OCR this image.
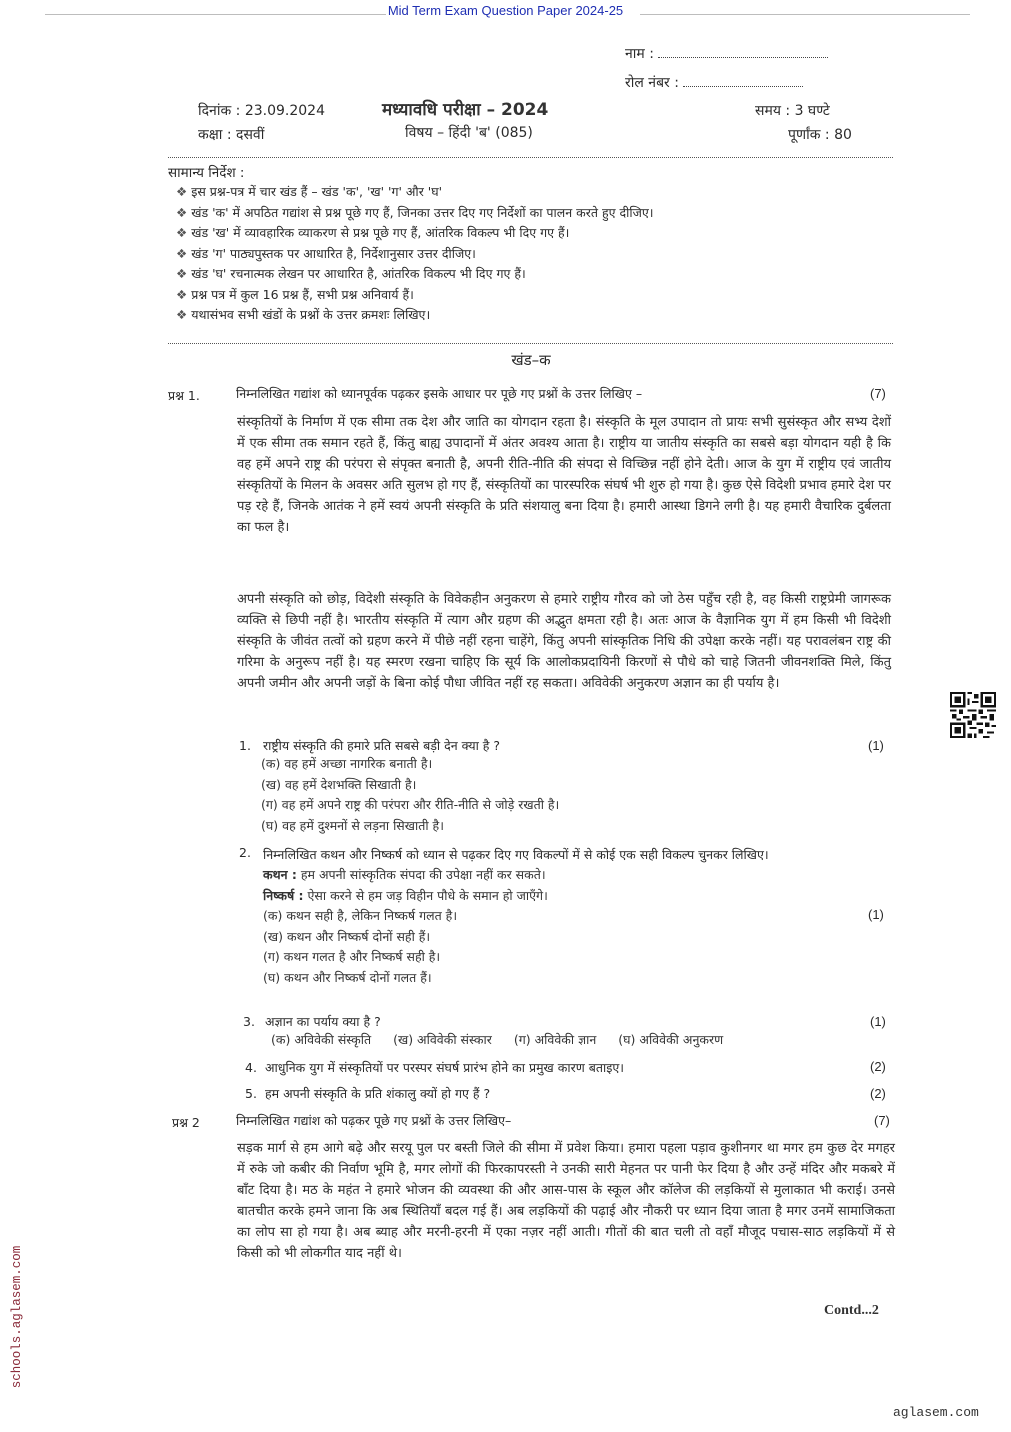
Mid Term Exam Question Paper 2024-25
नाम :
रोल नंबर :
दिनांक : 23.09.2024	मध्यावधि परीक्षा – 2024	समय : 3 घण्टे
कक्षा : दसवीं	विषय – हिंदी 'ब' (085)	पूर्णांक : 80
सामान्य निर्देश :
❖ इस प्रश्न-पत्र में चार खंड हैं – खंड 'क', 'ख' 'ग' और 'घ'
❖ खंड 'क' में अपठित गद्यांश से प्रश्न पूछे गए हैं, जिनका उत्तर दिए गए निर्देशों का पालन करते हुए दीजिए।
❖ खंड 'ख' में व्यावहारिक व्याकरण से प्रश्न पूछे गए हैं, आंतरिक विकल्प भी दिए गए हैं।
❖ खंड 'ग' पाठ्यपुस्तक पर आधारित है, निर्देशानुसार उत्तर दीजिए।
❖ खंड 'घ' रचनात्मक लेखन पर आधारित है, आंतरिक विकल्प भी दिए गए हैं।
❖ प्रश्न पत्र में कुल 16 प्रश्न हैं, सभी प्रश्न अनिवार्य हैं।
❖ यथासंभव सभी खंडों के प्रश्नों के उत्तर क्रमशः लिखिए।
खंड–क
प्रश्न 1.	निम्नलिखित गद्यांश को ध्यानपूर्वक पढ़कर इसके आधार पर पूछे गए प्रश्नों के उत्तर लिखिए –	(7)
संस्कृतियों के निर्माण में एक सीमा तक देश और जाति का योगदान रहता है। संस्कृति के मूल उपादान तो प्रायः सभी सुसंस्कृत और सभ्य देशों में एक सीमा तक समान रहते हैं, किंतु बाह्य उपादानों में अंतर अवश्य आता है। राष्ट्रीय या जातीय संस्कृति का सबसे बड़ा योगदान यही है कि वह हमें अपने राष्ट्र की परंपरा से संपृक्त बनाती है, अपनी रीति-नीति की संपदा से विच्छिन्न नहीं होने देती। आज के युग में राष्ट्रीय एवं जातीय संस्कृतियों के मिलन के अवसर अति सुलभ हो गए हैं, संस्कृतियों का पारस्परिक संघर्ष भी शुरु हो गया है। कुछ ऐसे विदेशी प्रभाव हमारे देश पर पड़ रहे हैं, जिनके आतंक ने हमें स्वयं अपनी संस्कृति के प्रति संशयालु बना दिया है। हमारी आस्था डिगने लगी है। यह हमारी वैचारिक दुर्बलता का फल है।
अपनी संस्कृति को छोड़, विदेशी संस्कृति के विवेकहीन अनुकरण से हमारे राष्ट्रीय गौरव को जो ठेस पहुँच रही है, वह किसी राष्ट्रप्रेमी जागरूक व्यक्ति से छिपी नहीं है। भारतीय संस्कृति में त्याग और ग्रहण की अद्भुत क्षमता रही है। अतः आज के वैज्ञानिक युग में हम किसी भी विदेशी संस्कृति के जीवंत तत्वों को ग्रहण करने में पीछे नहीं रहना चाहेंगे, किंतु अपनी सांस्कृतिक निधि की उपेक्षा करके नहीं। यह परावलंबन राष्ट्र की गरिमा के अनुरूप नहीं है। यह स्मरण रखना चाहिए कि सूर्य कि आलोकप्रदायिनी किरणों से पौधे को चाहे जितनी जीवनशक्ति मिले, किंतु अपनी जमीन और अपनी जड़ों के बिना कोई पौधा जीवित नहीं रह सकता। अविवेकी अनुकरण अज्ञान का ही पर्याय है।
1. राष्ट्रीय संस्कृति की हमारे प्रति सबसे बड़ी देन क्या है ?
(क) वह हमें अच्छा नागरिक बनाती है।
(ख) वह हमें देशभक्ति सिखाती है।
(ग) वह हमें अपने राष्ट्र की परंपरा और रीति-नीति से जोड़े रखती है।
(घ) वह हमें दुश्मनों से लड़ना सिखाती है।
(1)
2. निम्नलिखित कथन और निष्कर्ष को ध्यान से पढ़कर दिए गए विकल्पों में से कोई एक सही विकल्प चुनकर लिखिए।
कथन : हम अपनी सांस्कृतिक संपदा की उपेक्षा नहीं कर सकते।
निष्कर्ष : ऐसा करने से हम जड़ विहीन पौधे के समान हो जाएँगे।
(क) कथन सही है, लेकिन निष्कर्ष गलत है।
(ख) कथन और निष्कर्ष दोनों सही हैं।
(ग) कथन गलत है और निष्कर्ष सही है।
(घ) कथन और निष्कर्ष दोनों गलत हैं।
(1)
3. अज्ञान का पर्याय क्या है ?
(क) अविवेकी संस्कृति (ख) अविवेकी संस्कार (ग) अविवेकी ज्ञान (घ) अविवेकी अनुकरण
(1)
4. आधुनिक युग में संस्कृतियों पर परस्पर संघर्ष प्रारंभ होने का प्रमुख कारण बताइए।	(2)
5. हम अपनी संस्कृति के प्रति शंकालु क्यों हो गए हैं ?	(2)
प्रश्न 2	निम्नलिखित गद्यांश को पढ़कर पूछे गए प्रश्नों के उत्तर लिखिए–	(7)
सड़क मार्ग से हम आगे बढ़े और सरयू पुल पर बस्ती जिले की सीमा में प्रवेश किया। हमारा पहला पड़ाव कुशीनगर था मगर हम कुछ देर मगहर में रुके जो कबीर की निर्वाण भूमि है, मगर लोगों की फिरकापरस्ती ने उनकी सारी मेहनत पर पानी फेर दिया है और उन्हें मंदिर और मकबरे में बाँट दिया है। मठ के महंत ने हमारे भोजन की व्यवस्था की और आस-पास के स्कूल और कॉलेज की लड़कियों से मुलाकात भी कराई। उनसे बातचीत करके हमने जाना कि अब स्थितियाँ बदल गई हैं। अब लड़कियों की पढ़ाई और नौकरी पर ध्यान दिया जाता है मगर उनमें सामाजिकता का लोप सा हो गया है। अब ब्याह और मरनी-हरनी में एका नज़र नहीं आती। गीतों की बात चली तो वहाँ मौजूद पचास-साठ लड़कियों में से किसी को भी लोकगीत याद नहीं थे।
Contd...2
schools.aglasem.com
aglasem.com
